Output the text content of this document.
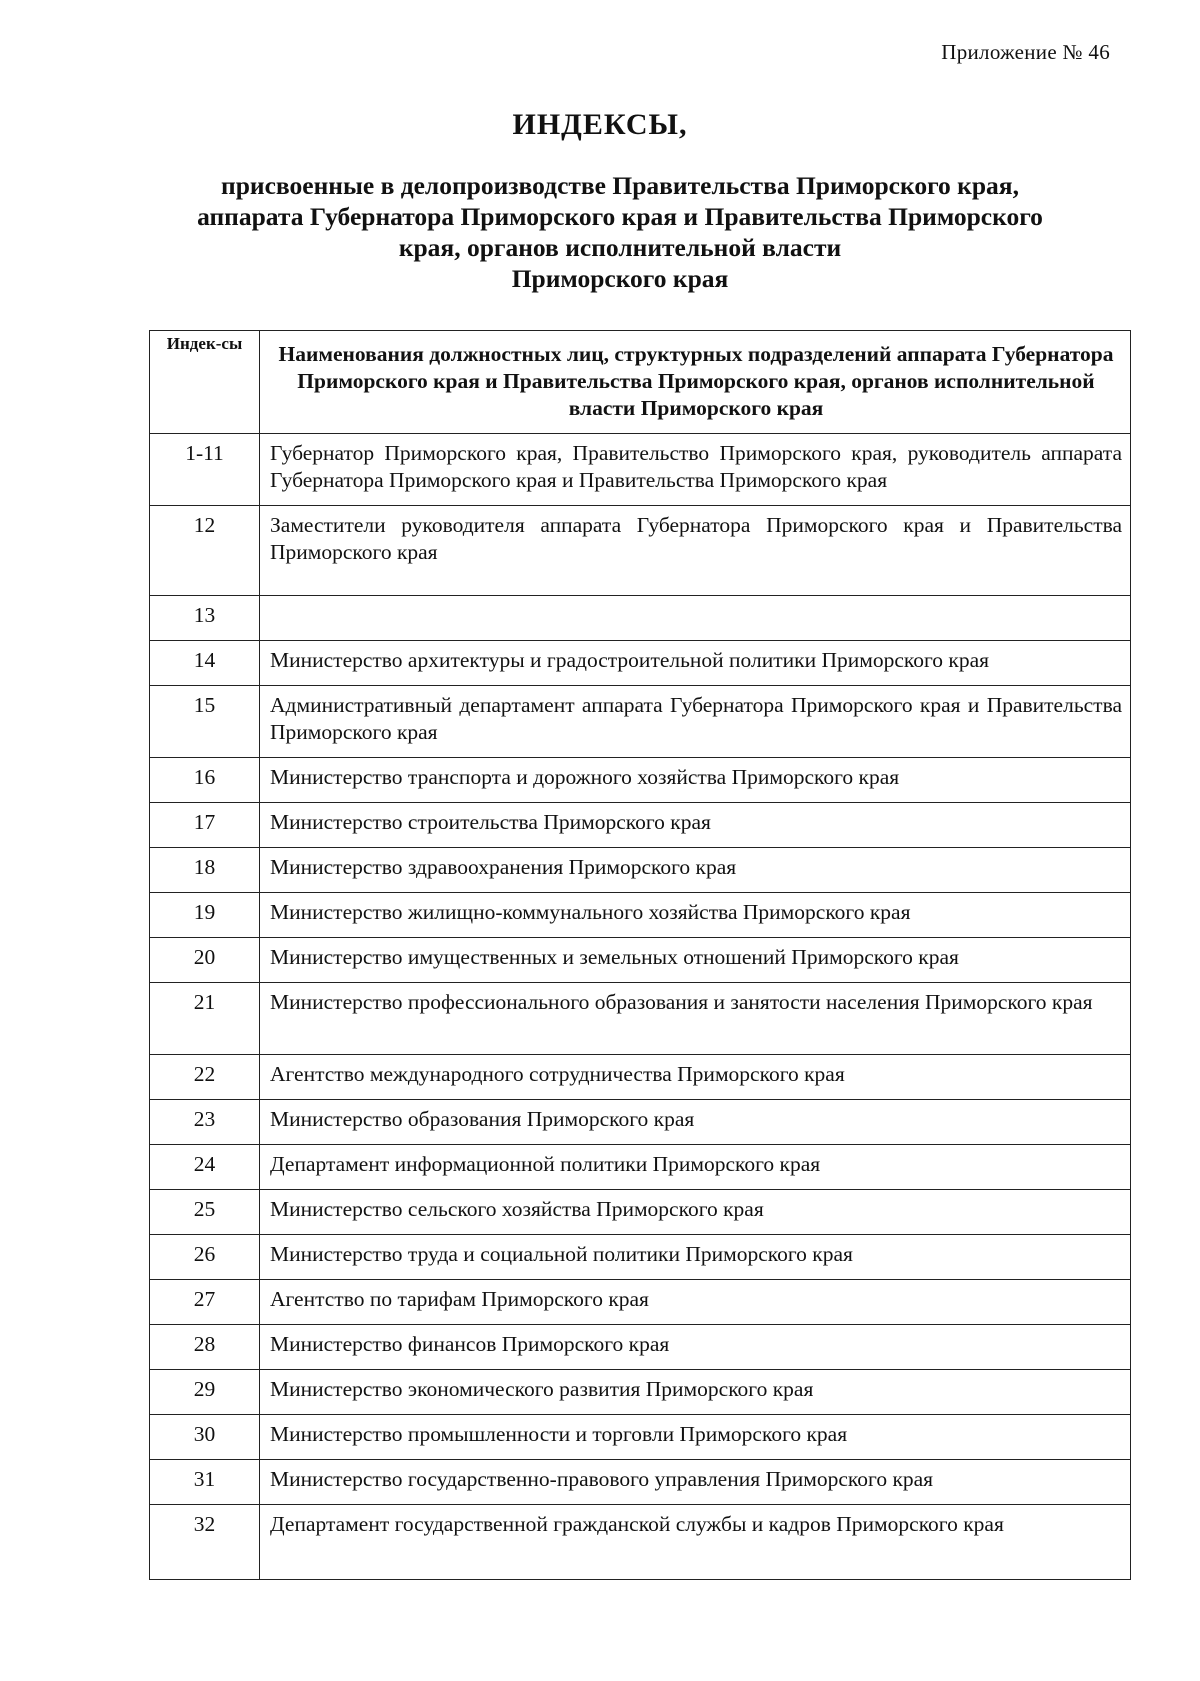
Приложение № 46
ИНДЕКСЫ,
присвоенные в делопроизводстве Правительства Приморского края,
аппарата Губернатора Приморского края и Правительства Приморского
края, органов исполнительной власти
Приморского края
Индек-сы	Наименования должностных лиц, структурных подразделений аппарата Губернатора Приморского края и Правительства Приморского края, органов исполнительной власти Приморского края
1-11	Губернатор Приморского края, Правительство Приморского края, руководитель аппарата Губернатора Приморского края и Правительства Приморского края
12	Заместители руководителя аппарата Губернатора Приморского края и Правительства Приморского края
13	
14	Министерство архитектуры и градостроительной политики Приморского края
15	Административный департамент аппарата Губернатора Приморского края и Правительства Приморского края
16	Министерство транспорта и дорожного хозяйства Приморского края
17	Министерство строительства Приморского края
18	Министерство здравоохранения Приморского края
19	Министерство жилищно-коммунального хозяйства Приморского края
20	Министерство имущественных и земельных отношений Приморского края
21	Министерство профессионального образования и занятости населения Приморского края
22	Агентство международного сотрудничества Приморского края
23	Министерство образования Приморского края
24	Департамент информационной политики Приморского края
25	Министерство сельского хозяйства Приморского края
26	Министерство труда и социальной политики Приморского края
27	Агентство по тарифам Приморского края
28	Министерство финансов Приморского края
29	Министерство экономического развития Приморского края
30	Министерство промышленности и торговли Приморского края
31	Министерство государственно-правового управления Приморского края
32	Департамент государственной гражданской службы и кадров Приморского края
